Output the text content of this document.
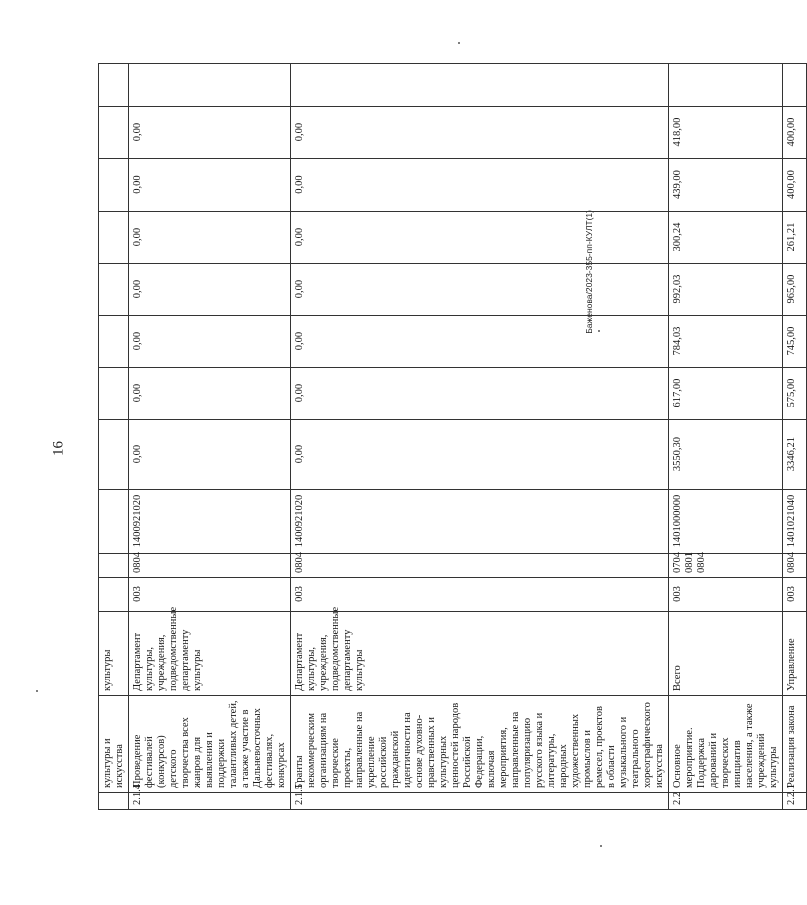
16
Баженова/2023-355-пп-КУЛТ(1)
	культуры и искусства	культуры											
2.1.4	Проведение фестивалей (конкурсов) детского творчества всех жанров для выявления и поддержки талантливых детей, а также участие в Дальневосточных фестивалях, конкурсах	Департамент культуры, учреждения, подведомственные департаменту культуры	003	0804	1400921020	0,00	0,00	0,00	0,00	0,00	0,00	0,00	
2.1.5	Гранты некоммерческим организациям на творческие проекты, направленные на укрепление российской гражданской идентичности на основе духовно-нравственных и культурных ценностей народов Российской Федерации, включая мероприятия, направленные на популяризацию русского языка и литературы, народных художественных промыслов и ремесел, проектов в области музыкального и театрального хореографического искусства	Департамент культуры, учреждения, подведомственные департаменту культуры	003	0804	1400921020	0,00	0,00	0,00	0,00	0,00	0,00	0,00	
2.2	Основное мероприятие. Поддержка дарований и творческих инициатив населения, а также учреждений культуры	Всего	003	0704 0801 0804	1401000000	3550,30	617,00	784,03	992,03	300,24	439,00	418,00	
2.2.1	Реализация закона	Управление	003	0804	1401021040	3346,21	575,00	745,00	965,00	261,21	400,00	400,00	
